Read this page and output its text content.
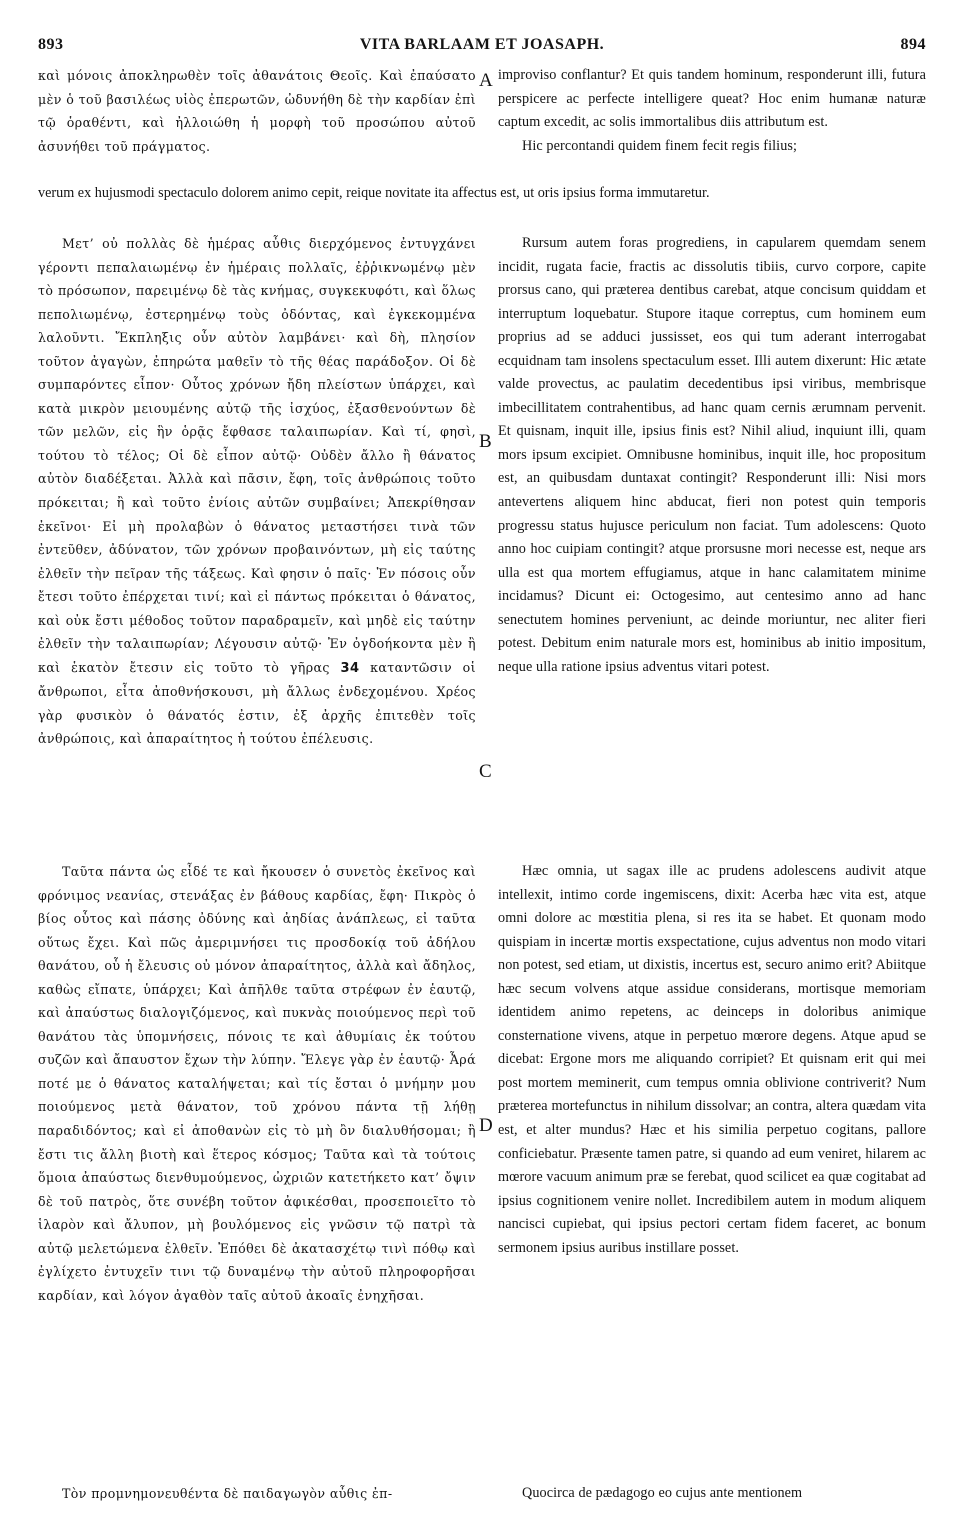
893	VITA BARLAAM ET JOASAPH.	894

καὶ μόνοις ἀποκληρωθὲν τοῖς ἀθανάτοις Θεοῖς. Καὶ ἐπαύσατο μὲν ὁ τοῦ βασιλέως υἱὸς ἐπερωτῶν, ὠδυνήθη δὲ τὴν καρδίαν ἐπὶ τῷ ὁραθέντι, καὶ ἠλλοιώθη ἡ μορφὴ τοῦ προσώπου αὐτοῦ ἀσυνήθει τοῦ πράγματος.

A improviso conflantur? Et quis tandem hominum, responderunt illi, futura perspicere ac perfecte intelligere queat? Hoc enim humanæ naturæ captum excedit, ac solis immortalibus diis attributum est.

Hic percontandi quidem finem fecit regis filius;

verum ex hujusmodi spectaculo dolorem animo cepit, reique novitate ita affectus est, ut oris ipsius forma immutaretur.

Μετ’ οὐ πολλὰς δὲ ἡμέρας αὖθις διερχόμενος ἐντυγχάνει γέροντι πεπαλαιωμένῳ ἐν ἡμέραις πολλαῖς, ἐῤῥικνωμένῳ μὲν τὸ πρόσωπον, παρειμένῳ δὲ τὰς κνήμας, συγκεκυφότι, καὶ ὅλως πεπολιωμένῳ, ἐστερημένῳ τοὺς ὀδόντας, καὶ ἐγκεκομμένα λαλοῦντι. Ἔκπληξις οὖν αὐτὸν λαμβάνει· καὶ δὴ, πλησίον τοῦτον ἀγαγὼν, ἐπηρώτα μαθεῖν τὸ τῆς θέας παράδοξον. Οἱ δὲ συμπαρόντες εἶπον· Οὗτος χρόνων ἤδη πλείστων ὑπάρχει, καὶ κατὰ μικρὸν μειουμένης αὐτῷ τῆς ἰσχύος, ἐξασθενούντων δὲ τῶν μελῶν, εἰς ἣν ὁρᾷς ἔφθασε ταλαιπωρίαν. Καὶ τί, φησὶ, τούτου τὸ τέλος; Οἱ δὲ εἶπον αὐτῷ· Οὐδὲν ἄλλο ἢ θάνατος αὐτὸν διαδέξεται. Ἀλλὰ καὶ πᾶσιν, ἔφη, τοῖς ἀνθρώποις τοῦτο πρόκειται; ἢ καὶ τοῦτο ἐνίοις αὐτῶν συμβαίνει; Ἀπεκρίθησαν ἐκεῖνοι· Εἰ μὴ προλαβὼν ὁ θάνατος μεταστήσει τινὰ τῶν ἐντεῦθεν, ἀδύνατον, τῶν χρόνων προβαινόντων, μὴ εἰς ταύτης ἐλθεῖν τὴν πεῖραν τῆς τάξεως. Καὶ φησιν ὁ παῖς· Ἐν πόσοις οὖν ἔτεσι τοῦτο ἐπέρχεται τινί; καὶ εἰ πάντως πρόκειται ὁ θάνατος, καὶ οὐκ ἔστι μέθοδος τοῦτον παραδραμεῖν, καὶ μηδὲ εἰς ταύτην ἐλθεῖν τὴν ταλαιπωρίαν; Λέγουσιν αὐτῷ· Ἐν ὀγδοήκοντα μὲν ἢ καὶ ἑκατὸν ἔτεσιν εἰς τοῦτο τὸ γῆρας 34 καταντῶσιν οἱ ἄνθρωποι, εἶτα ἀποθνήσκουσι, μὴ ἄλλως ἐνδεχομένου. Χρέος γὰρ φυσικὸν ὁ θάνατός ἐστιν, ἐξ ἀρχῆς ἐπιτεθὲν τοῖς ἀνθρώποις, καὶ ἀπαραίτητος ἡ τούτου ἐπέλευσις.

B
C

Rursum autem foras progrediens, in capularem quemdam senem incidit, rugata facie, fractis ac dissolutis tibiis, curvo corpore, capite prorsus cano, qui præterea dentibus carebat, atque concisum quiddam et interruptum loquebatur. Stupore itaque correptus, cum hominem eum proprius ad se adduci jussisset, eos qui tum aderant interrogabat ecquidnam tam insolens spectaculum esset. Illi autem dixerunt: Hic ætate valde provectus, ac paulatim decedentibus ipsi viribus, membrisque imbecillitatem contrahentibus, ad hanc quam cernis ærumnam pervenit. Et quisnam, inquit ille, ipsius finis est? Nihil aliud, inquiunt illi, quam mors ipsum excipiet. Omnibusne hominibus, inquit ille, hoc propositum est, an quibusdam duntaxat contingit? Responderunt illi: Nisi mors antevertens aliquem hinc abducat, fieri non potest quin temporis progressu status hujusce periculum non faciat. Tum adolescens: Quoto anno hoc cuipiam contingit? atque prorsusne mori necesse est, neque ars ulla est qua mortem effugiamus, atque in hanc calamitatem minime incidamus? Dicunt ei: Octogesimo, aut centesimo anno ad hanc senectutem homines perveniunt, ac deinde moriuntur, nec aliter fieri potest. Debitum enim naturale mors est, hominibus ab initio impositum, neque ulla ratione ipsius adventus vitari potest.

Ταῦτα πάντα ὡς εἶδέ τε καὶ ἤκουσεν ὁ συνετὸς ἐκεῖνος καὶ φρόνιμος νεανίας, στενάξας ἐν βάθους καρδίας, ἔφη· Πικρὸς ὁ βίος οὗτος καὶ πάσης ὀδύνης καὶ ἀηδίας ἀνάπλεως, εἰ ταῦτα οὕτως ἔχει. Καὶ πῶς ἀμεριμνήσει τις προσδοκίᾳ τοῦ ἀδήλου θανάτου, οὗ ἡ ἔλευσις οὐ μόνον ἀπαραίτητος, ἀλλὰ καὶ ἄδηλος, καθὼς εἴπατε, ὑπάρχει; Καὶ ἀπῆλθε ταῦτα στρέφων ἐν ἑαυτῷ, καὶ ἀπαύστως διαλογιζόμενος, καὶ πυκνὰς ποιούμενος περὶ τοῦ θανάτου τὰς ὑπομνήσεις, πόνοις τε καὶ ἀθυμίαις ἐκ τούτου συζῶν καὶ ἄπαυστον ἔχων τὴν λύπην. Ἔλεγε γὰρ ἐν ἑαυτῷ· Ἆρά ποτέ με ὁ θάνατος καταλήψεται; καὶ τίς ἔσται ὁ μνήμην μου ποιούμενος μετὰ θάνατον, τοῦ χρόνου πάντα τῇ λήθῃ παραδιδόντος; καὶ εἰ ἀποθανὼν εἰς τὸ μὴ ὂν διαλυθήσομαι; ἢ ἔστι τις ἄλλη βιοτὴ καὶ ἕτερος κόσμος; Ταῦτα καὶ τὰ τούτοις ὅμοια ἀπαύστως διενθυμούμενος, ὠχριῶν κατετήκετο κατ’ ὄψιν δὲ τοῦ πατρὸς, ὅτε συνέβη τοῦτον ἀφικέσθαι, προσεποιεῖτο τὸ ἱλαρὸν καὶ ἄλυπον, μὴ βουλόμενος εἰς γνῶσιν τῷ πατρὶ τὰ αὐτῷ μελετώμενα ἐλθεῖν. Ἐπόθει δὲ ἀκατασχέτῳ τινὶ πόθῳ καὶ ἐγλίχετο ἐντυχεῖν τινι τῷ δυναμένῳ τὴν αὐτοῦ πληροφορῆσαι καρδίαν, καὶ λόγον ἀγαθὸν ταῖς αὐτοῦ ἀκοαῖς ἐνηχῆσαι.

D

Hæc omnia, ut sagax ille ac prudens adolescens audivit atque intellexit, intimo corde ingemiscens, dixit: Acerba hæc vita est, atque omni dolore ac mœstitia plena, si res ita se habet. Et quonam modo quispiam in incertæ mortis exspectatione, cujus adventus non modo vitari non potest, sed etiam, ut dixistis, incertus est, securo animo erit? Abiitque hæc secum volvens atque assidue considerans, mortisque memoriam identidem animo repetens, ac deinceps in doloribus animique consternatione vivens, atque in perpetuo mœrore degens. Atque apud se dicebat: Ergone mors me aliquando corripiet? Et quisnam erit qui mei post mortem meminerit, cum tempus omnia oblivione contriverit? Num præterea mortefunctus in nihilum dissolvar; an contra, altera quædam vita est, et alter mundus? Hæc et his similia perpetuo cogitans, pallore conficiebatur. Præsente tamen patre, si quando ad eum veniret, hilarem ac mœrore vacuum animum præ se ferebat, quod scilicet ea quæ cogitabat ad ipsius cognitionem venire nollet. Incredibilem autem in modum aliquem nancisci cupiebat, qui ipsius pectori certam fidem faceret, ac bonum sermonem ipsius auribus instillare posset.

Τὸν προμνημονευθέντα δὲ παιδαγωγὸν αὖθις ἐπ-	Quocirca de pædagogo eo cujus ante mentionem
